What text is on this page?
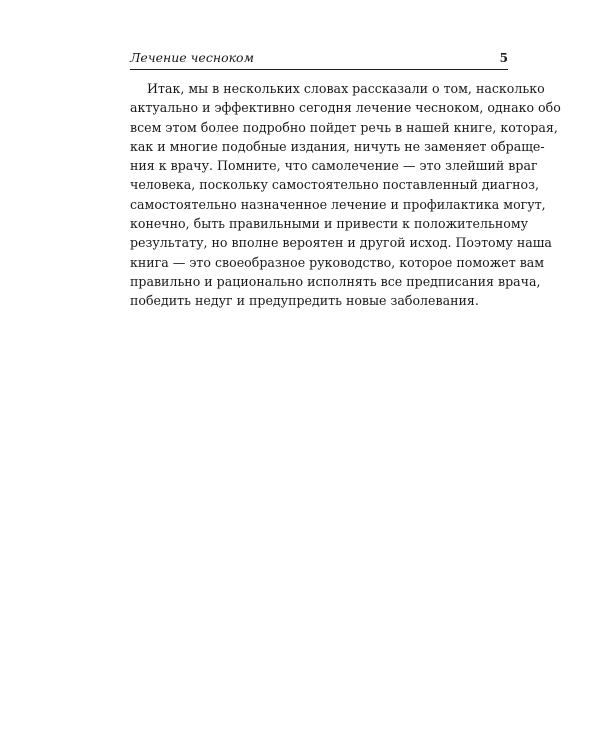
Лечение чесноком	5
Итак, мы в нескольких словах рассказали о том, насколько
актуально и эффективно сегодня лечение чесноком, однако обо
всем этом более подробно пойдет речь в нашей книге, которая,
как и многие подобные издания, ничуть не заменяет обраще-
ния к врачу. Помните, что самолечение — это злейший враг
человека, поскольку самостоятельно поставленный диагноз,
самостоятельно назначенное лечение и профилактика могут,
конечно, быть правильными и привести к положительному
результату, но вполне вероятен и другой исход. Поэтому наша
книга — это своеобразное руководство, которое поможет вам
правильно и рационально исполнять все предписания врача,
победить недуг и предупредить новые заболевания.
